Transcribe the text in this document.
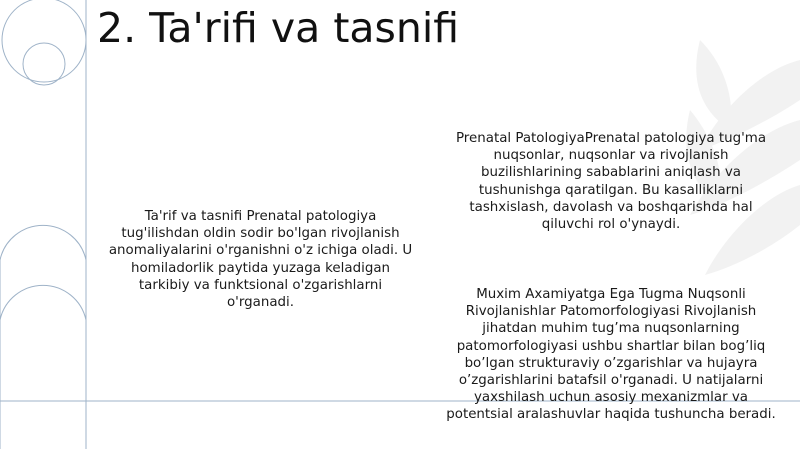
2. Ta'rifi va tasnifi
Ta'rif va tasnifi Prenatal patologiya tug'ilishdan oldin sodir bo'lgan rivojlanish anomaliyalarini o'rganishni o'z ichiga oladi. U homiladorlik paytida yuzaga keladigan tarkibiy va funktsional o'zgarishlarni o'rganadi.
Prenatal PatologiyaPrenatal patologiya tug'ma nuqsonlar, nuqsonlar va rivojlanish buzilishlarining sabablarini aniqlash va tushunishga qaratilgan. Bu kasalliklarni tashxislash, davolash va boshqarishda hal qiluvchi rol o'ynaydi.
Muxim Axamiyatga Ega Tugma Nuqsonli Rivojlanishlar Patomorfologiyasi Rivojlanish jihatdan muhim tug’ma nuqsonlarning patomorfologiyasi ushbu shartlar bilan bog’liq bo’lgan strukturaviy o’zgarishlar va hujayra o’zgarishlarini batafsil o'rganadi. U natijalarni yaxshilash uchun asosiy mexanizmlar va potentsial aralashuvlar haqida tushuncha beradi.
